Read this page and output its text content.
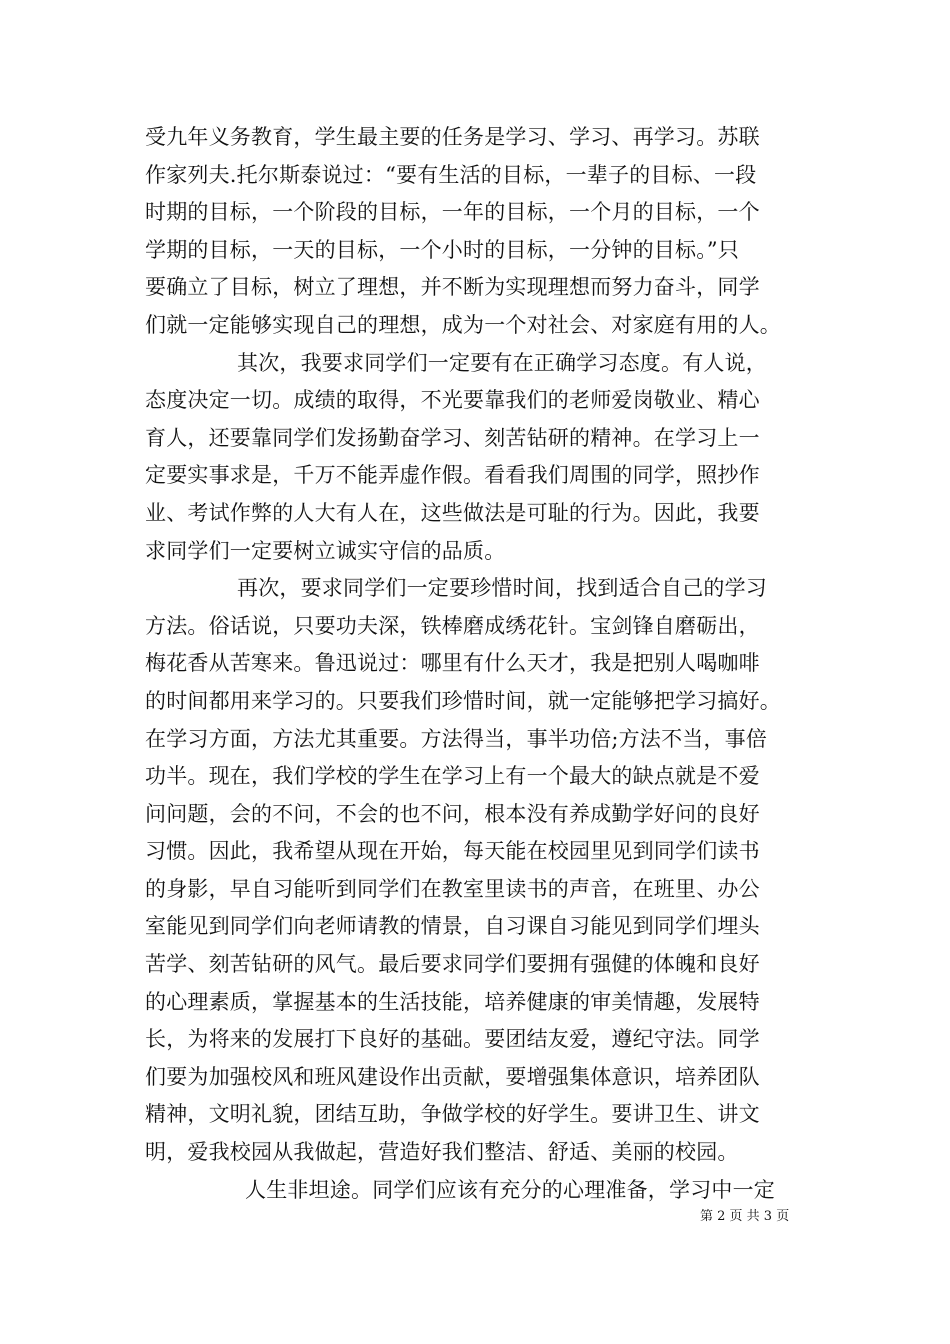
受九年义务教育，学生最主要的任务是学习、学习、再学习。苏联
作家列夫.托尔斯泰说过：“要有生活的目标，一辈子的目标、一段
时期的目标，一个阶段的目标，一年的目标，一个月的目标，一个
学期的目标，一天的目标，一个小时的目标，一分钟的目标。”只
要确立了目标，树立了理想，并不断为实现理想而努力奋斗，同学
们就一定能够实现自己的理想，成为一个对社会、对家庭有用的人。
其次，我要求同学们一定要有在正确学习态度。有人说，
态度决定一切。成绩的取得，不光要靠我们的老师爱岗敬业、精心
育人，还要靠同学们发扬勤奋学习、刻苦钻研的精神。在学习上一
定要实事求是，千万不能弄虚作假。看看我们周围的同学，照抄作
业、考试作弊的人大有人在，这些做法是可耻的行为。因此，我要
求同学们一定要树立诚实守信的品质。
再次，要求同学们一定要珍惜时间，找到适合自己的学习
方法。俗话说，只要功夫深，铁棒磨成绣花针。宝剑锋自磨砺出，
梅花香从苦寒来。鲁迅说过：哪里有什么天才，我是把别人喝咖啡
的时间都用来学习的。只要我们珍惜时间，就一定能够把学习搞好。
在学习方面，方法尤其重要。方法得当，事半功倍;方法不当，事倍
功半。现在，我们学校的学生在学习上有一个最大的缺点就是不爱
问问题，会的不问，不会的也不问，根本没有养成勤学好问的良好
习惯。因此，我希望从现在开始，每天能在校园里见到同学们读书
的身影，早自习能听到同学们在教室里读书的声音，在班里、办公
室能见到同学们向老师请教的情景，自习课自习能见到同学们埋头
苦学、刻苦钻研的风气。最后要求同学们要拥有强健的体魄和良好
的心理素质，掌握基本的生活技能，培养健康的审美情趣，发展特
长，为将来的发展打下良好的基础。要团结友爱，遵纪守法。同学
们要为加强校风和班风建设作出贡献，要增强集体意识，培养团队
精神，文明礼貌，团结互助，争做学校的好学生。要讲卫生、讲文
明，爱我校园从我做起，营造好我们整洁、舒适、美丽的校园。
人生非坦途。同学们应该有充分的心理准备，学习中一定
第 2 页 共 3 页
